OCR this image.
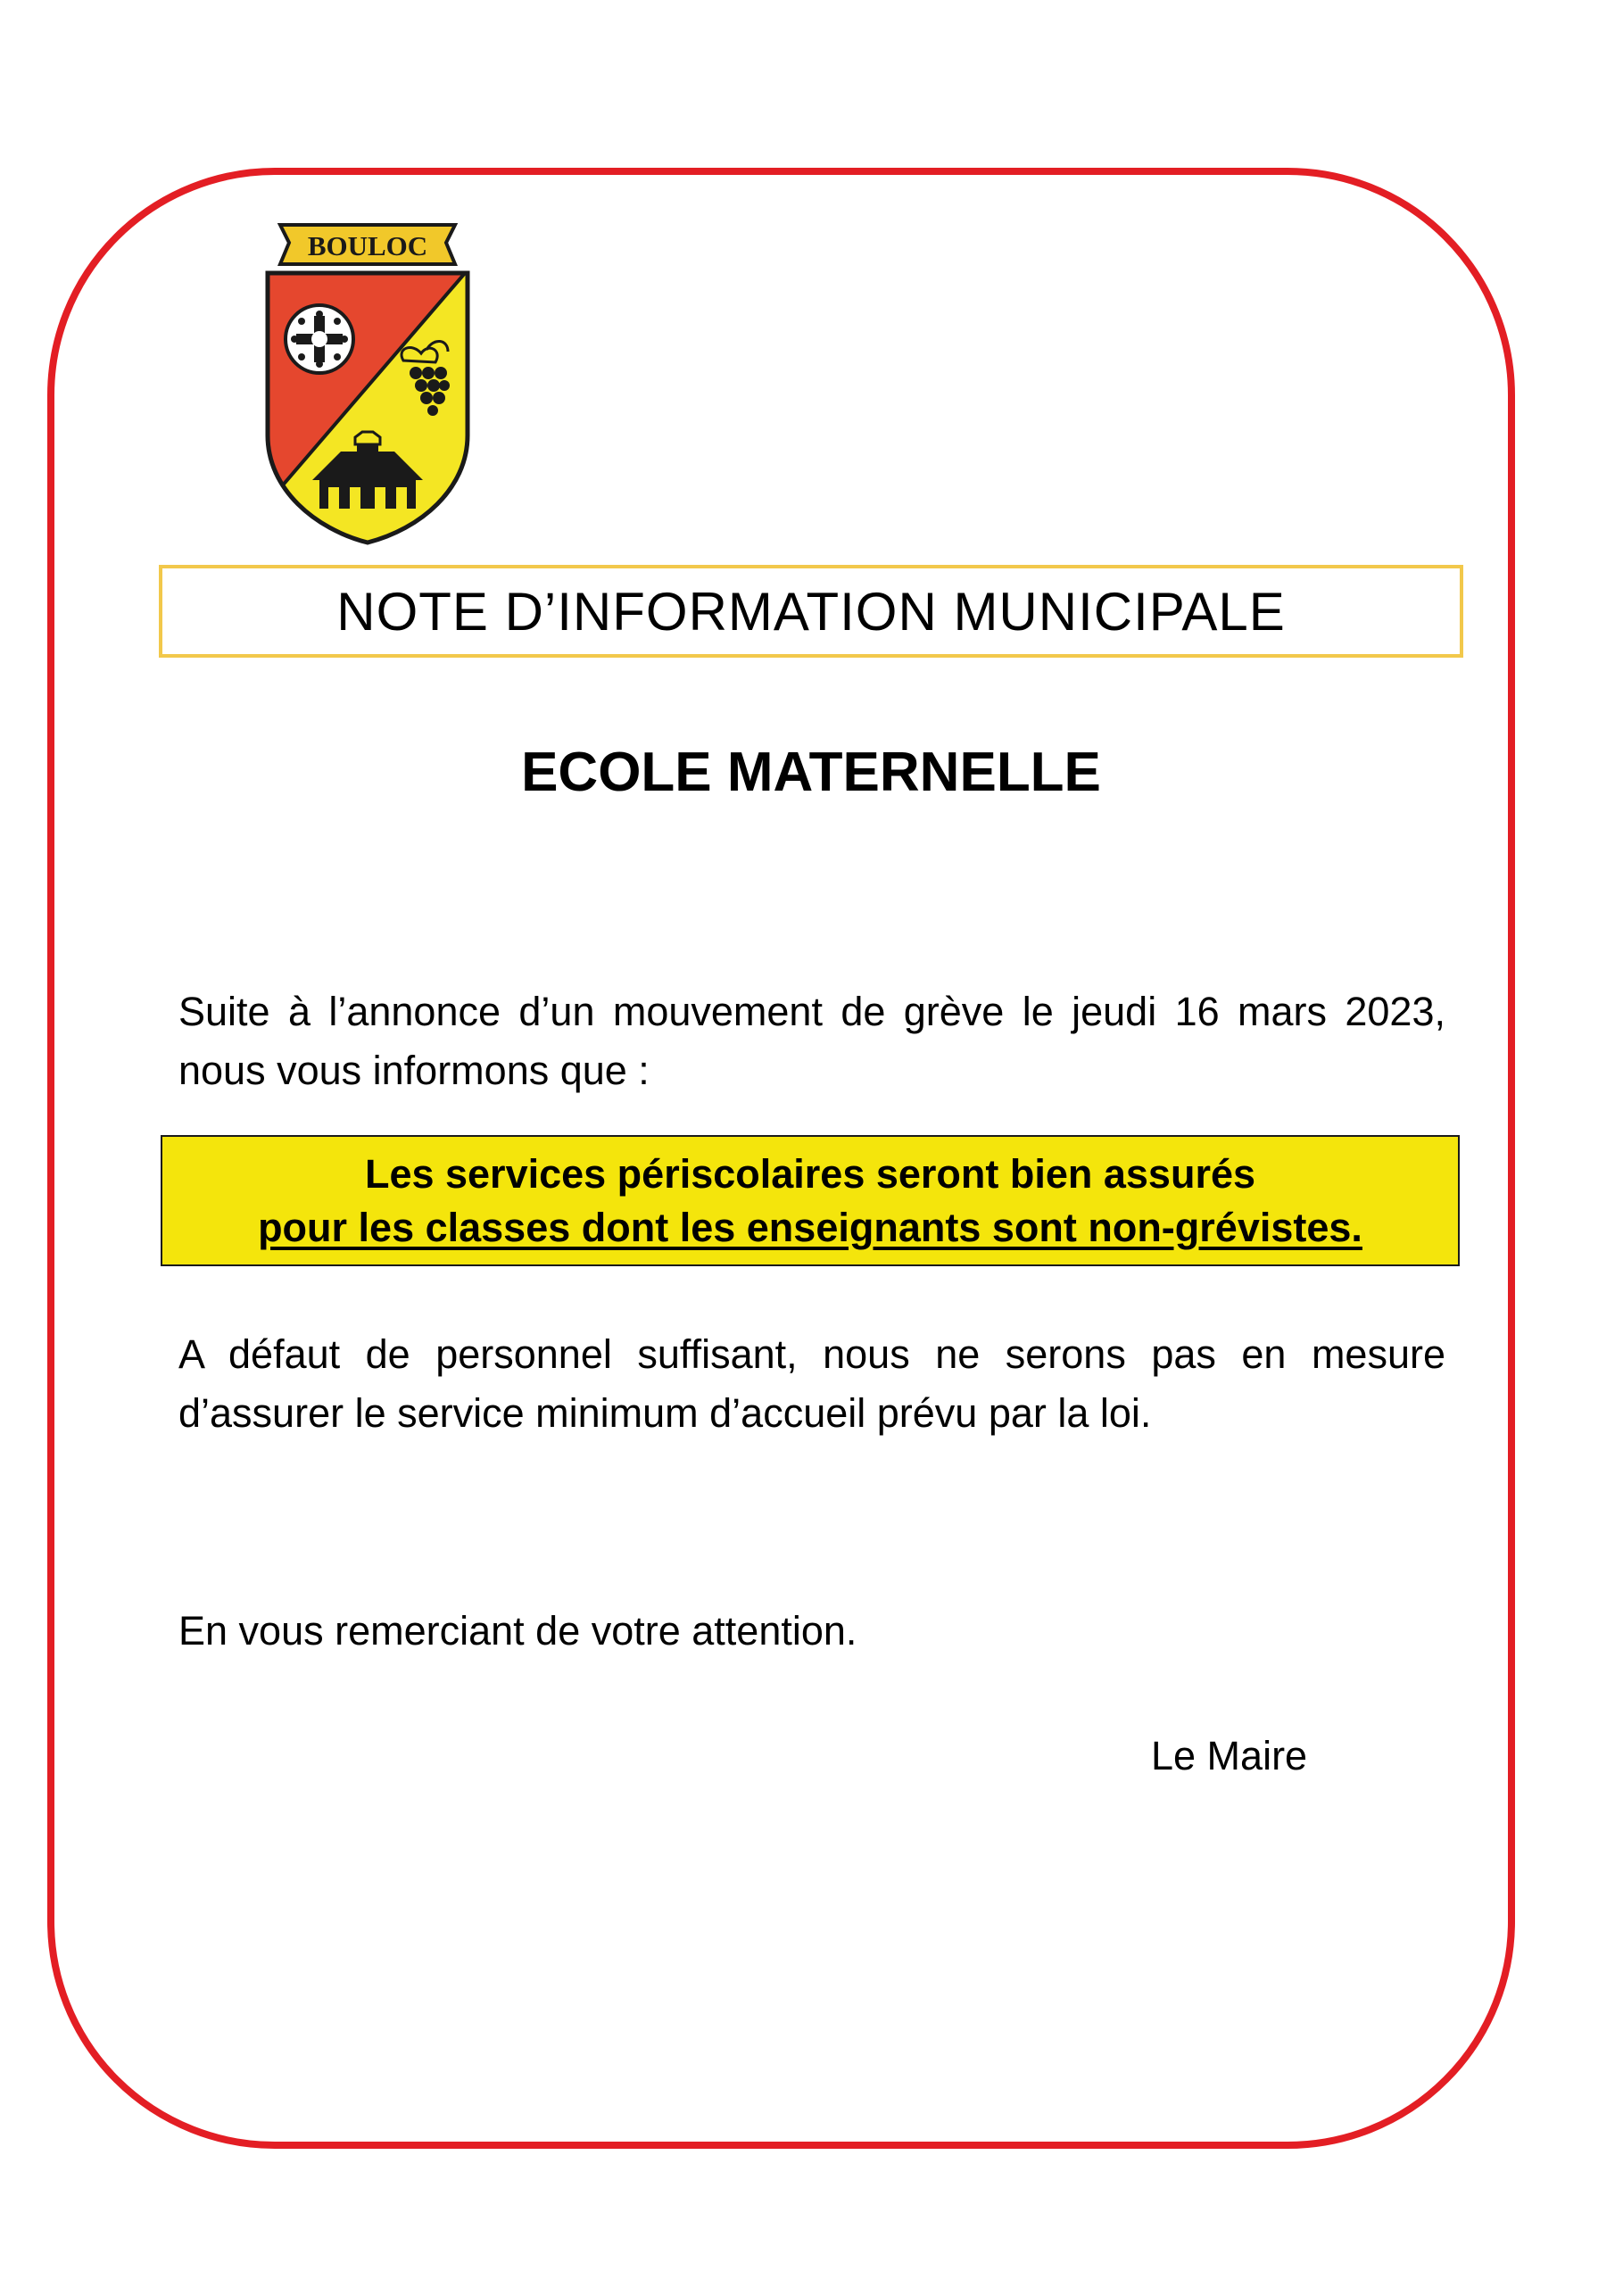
BOULOC
NOTE D’INFORMATION MUNICIPALE
ECOLE MATERNELLE
Suite à l’annonce d’un mouvement de grève le jeudi 16 mars 2023, nous vous informons que :
Les services périscolaires seront bien assurés
pour les classes dont les enseignants sont non-grévistes.
A défaut de personnel suffisant, nous ne serons pas en mesure d’assurer le service minimum d’accueil prévu par la loi.
En vous remerciant de votre attention.
Le Maire
